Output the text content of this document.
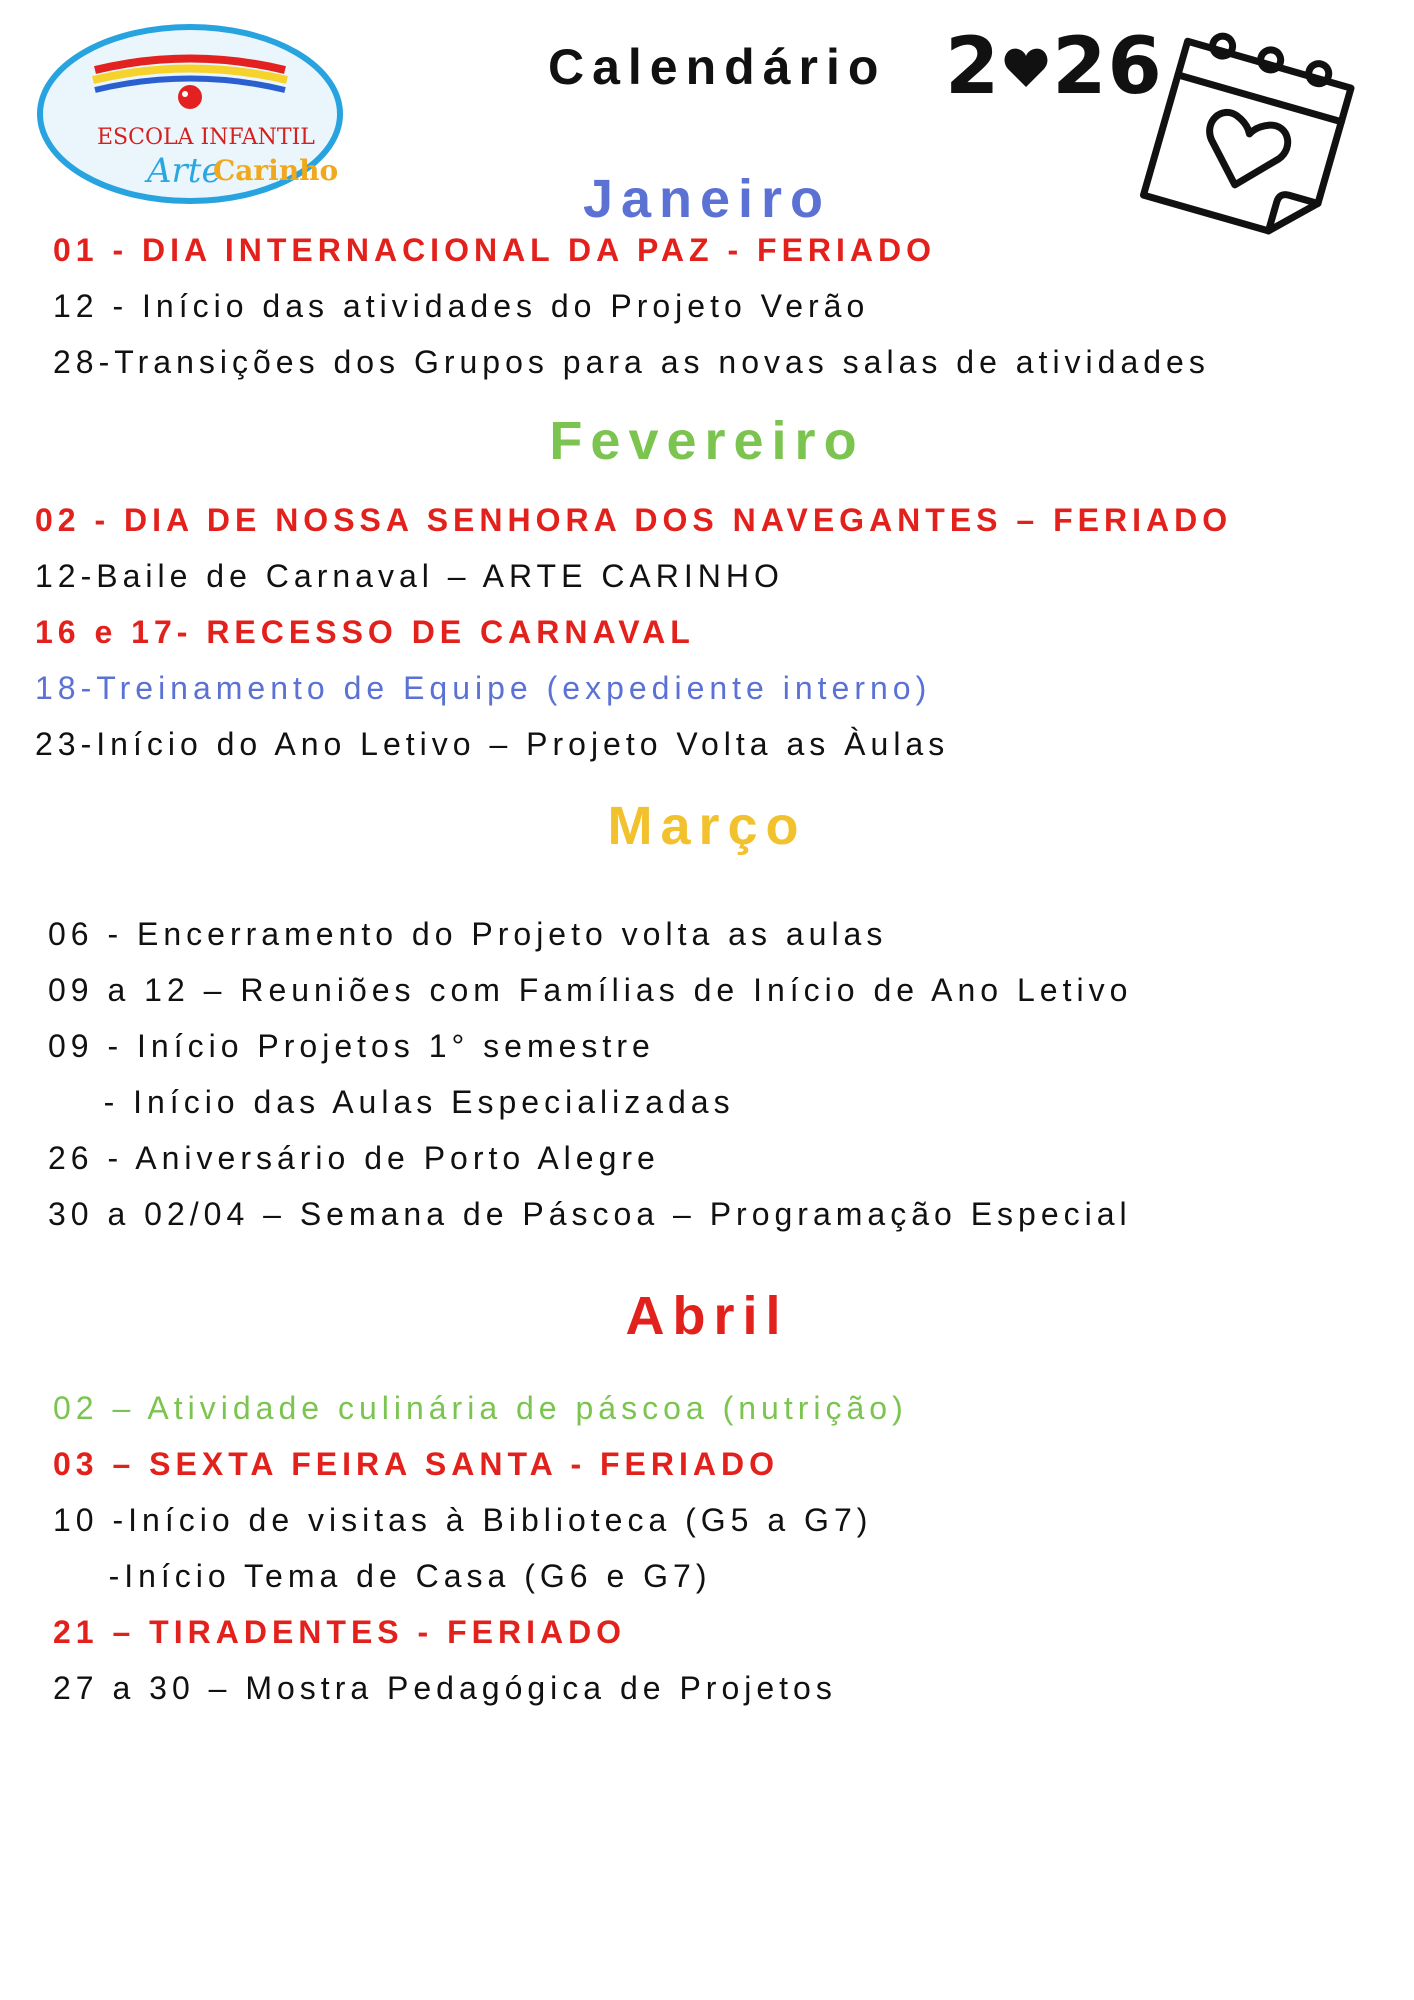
ESCOLA INFANTIL
Arte
Carinho
Calendário 2 26
Janeiro
01 - DIA INTERNACIONAL DA PAZ - FERIADO
12 - Início das atividades do Projeto Verão
28-Transições dos Grupos para as novas salas de atividades
Fevereiro
02 - DIA DE NOSSA SENHORA DOS NAVEGANTES – FERIADO
12-Baile de Carnaval – ARTE CARINHO
16 e 17- RECESSO DE CARNAVAL
18-Treinamento de Equipe (expediente interno)
23-Início do Ano Letivo – Projeto Volta as Àulas
Março
06 - Encerramento do Projeto volta as aulas
09 a 12 – Reuniões com Famílias de Início de Ano Letivo
09 - Início Projetos 1° semestre
- Início das Aulas Especializadas
26 - Aniversário de Porto Alegre
30 a 02/04 – Semana de Páscoa – Programação Especial
Abril
02 – Atividade culinária de páscoa (nutrição)
03 – SEXTA FEIRA SANTA - FERIADO
10 -Início de visitas à Biblioteca (G5 a G7)
-Início Tema de Casa (G6 e G7)
21 – TIRADENTES - FERIADO
27 a 30 – Mostra Pedagógica de Projetos
